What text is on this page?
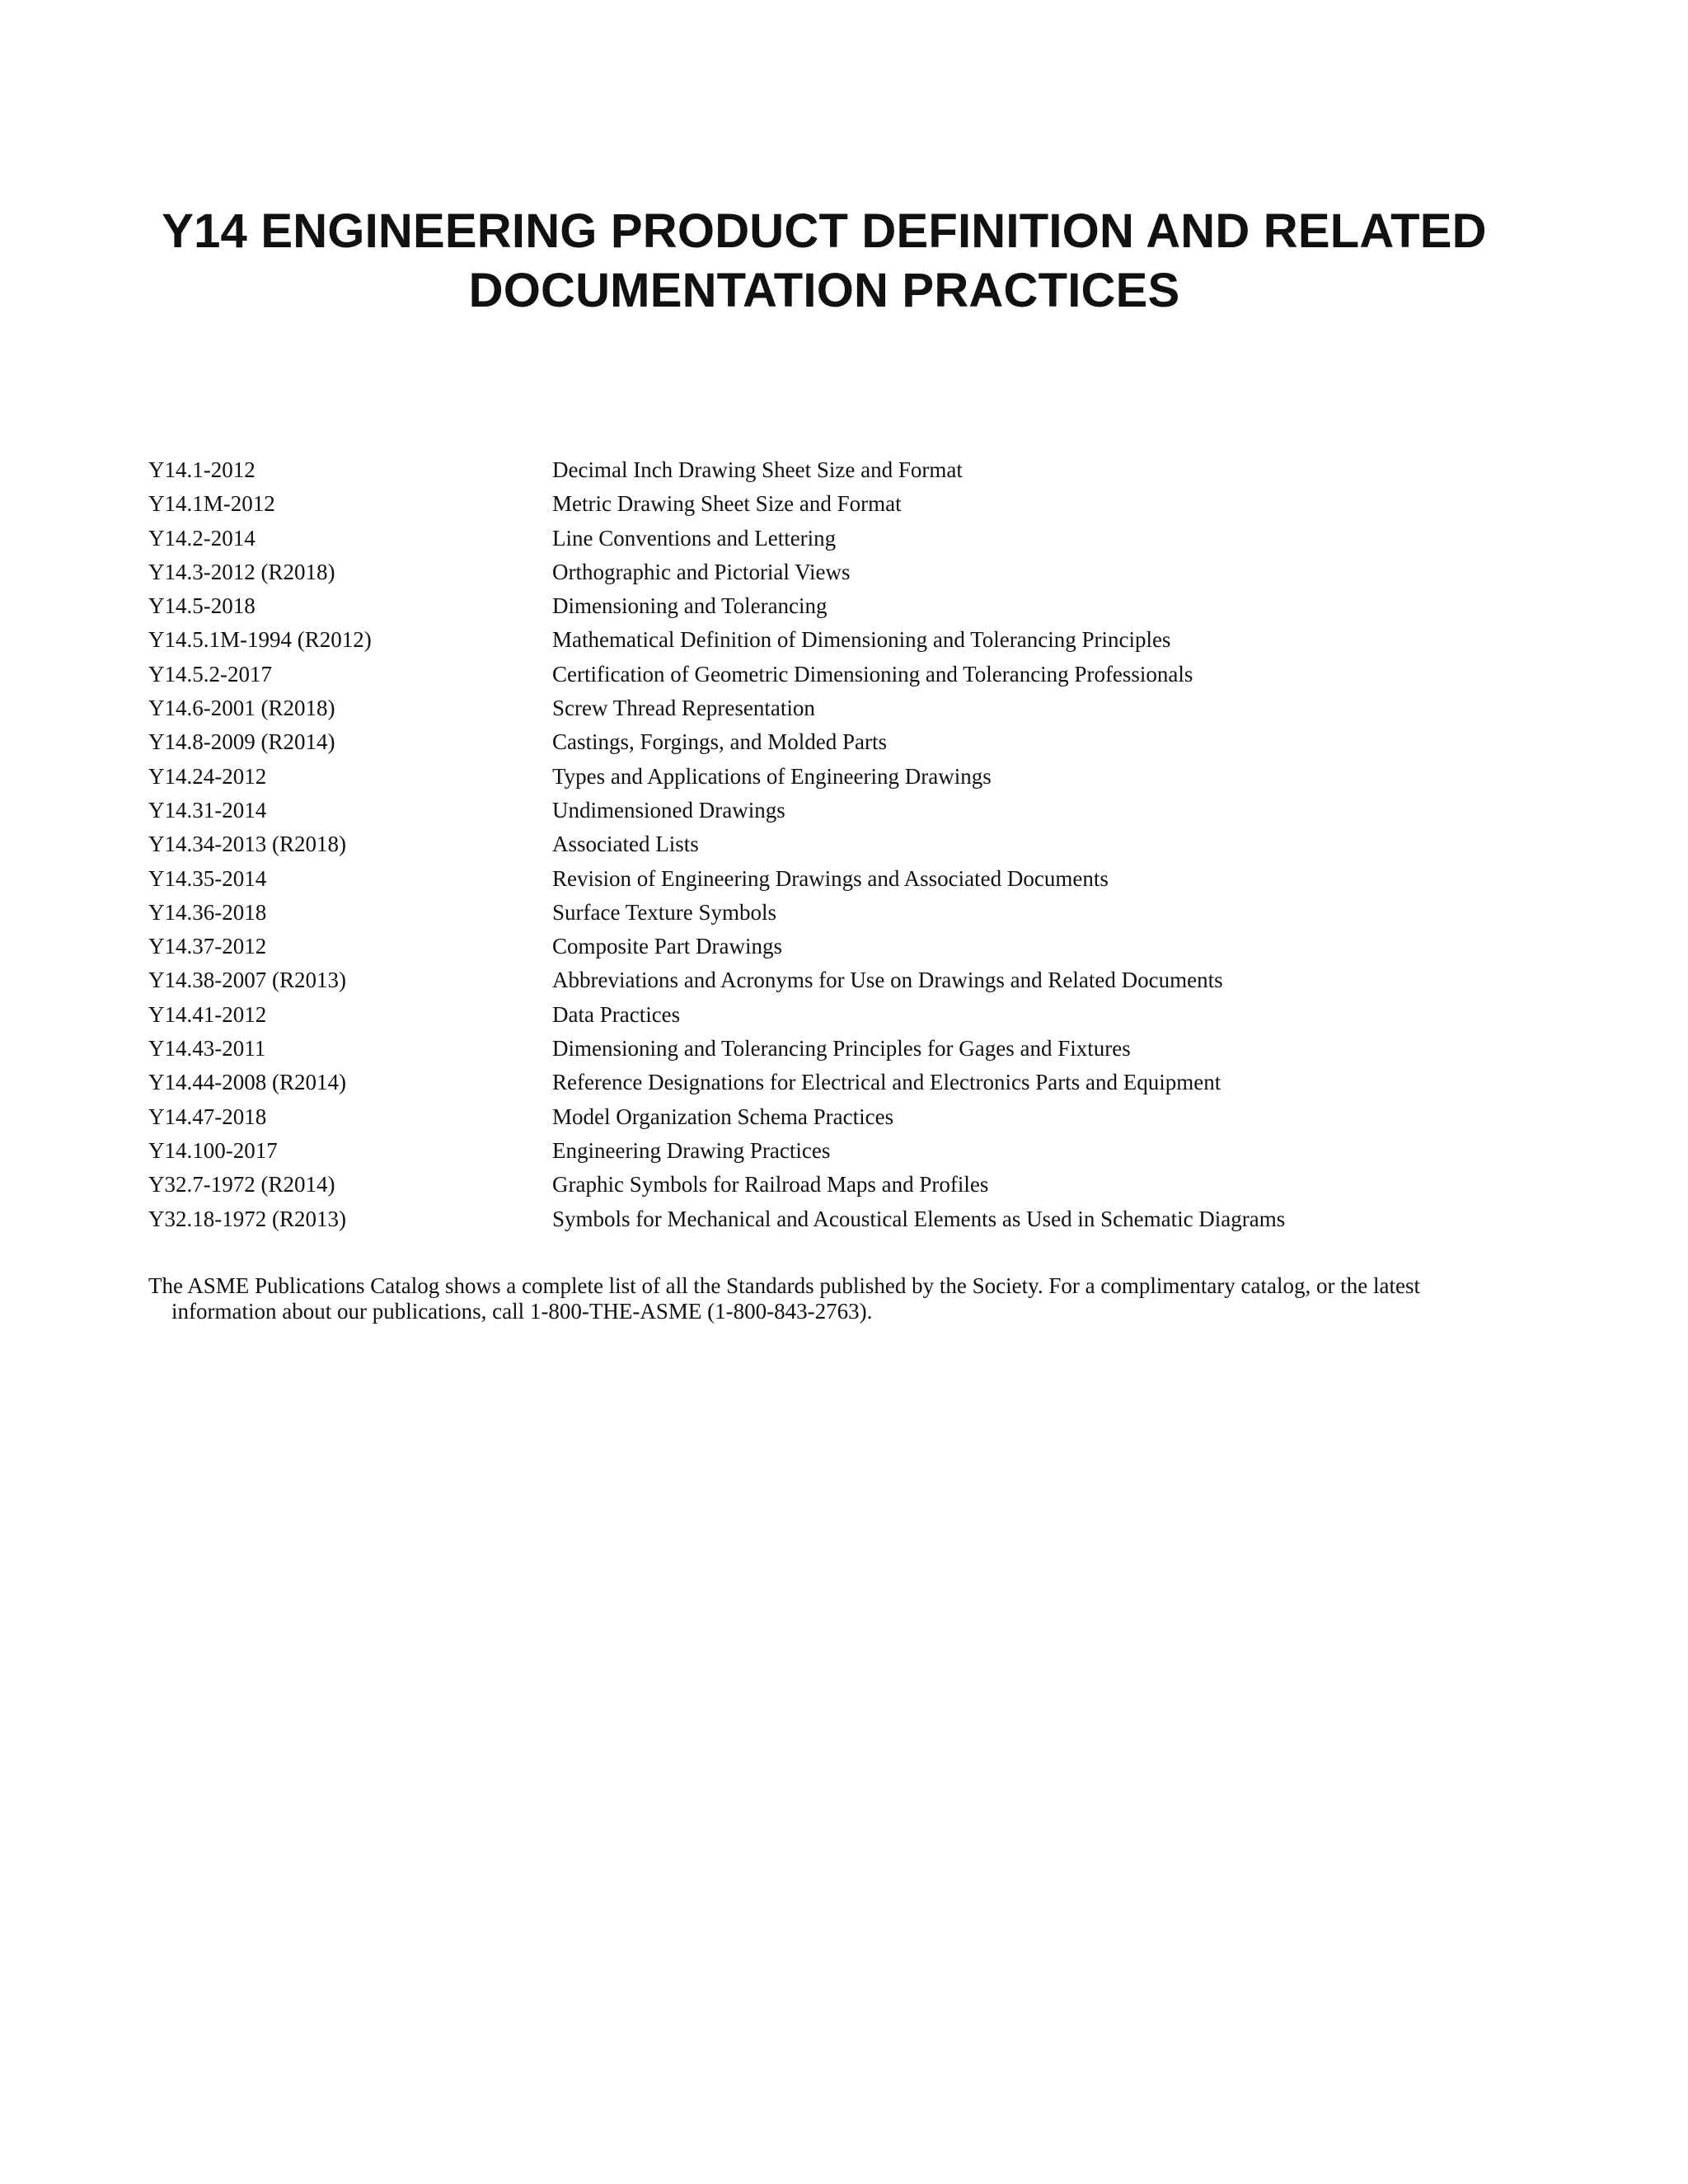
Y14 ENGINEERING PRODUCT DEFINITION AND RELATED
DOCUMENTATION PRACTICES
Y14.1-2012	Decimal Inch Drawing Sheet Size and Format
Y14.1M-2012	Metric Drawing Sheet Size and Format
Y14.2-2014	Line Conventions and Lettering
Y14.3-2012 (R2018)	Orthographic and Pictorial Views
Y14.5-2018	Dimensioning and Tolerancing
Y14.5.1M-1994 (R2012)	Mathematical Definition of Dimensioning and Tolerancing Principles
Y14.5.2-2017	Certification of Geometric Dimensioning and Tolerancing Professionals
Y14.6-2001 (R2018)	Screw Thread Representation
Y14.8-2009 (R2014)	Castings, Forgings, and Molded Parts
Y14.24-2012	Types and Applications of Engineering Drawings
Y14.31-2014	Undimensioned Drawings
Y14.34-2013 (R2018)	Associated Lists
Y14.35-2014	Revision of Engineering Drawings and Associated Documents
Y14.36-2018	Surface Texture Symbols
Y14.37-2012	Composite Part Drawings
Y14.38-2007 (R2013)	Abbreviations and Acronyms for Use on Drawings and Related Documents
Y14.41-2012	Data Practices
Y14.43-2011	Dimensioning and Tolerancing Principles for Gages and Fixtures
Y14.44-2008 (R2014)	Reference Designations for Electrical and Electronics Parts and Equipment
Y14.47-2018	Model Organization Schema Practices
Y14.100-2017	Engineering Drawing Practices
Y32.7-1972 (R2014)	Graphic Symbols for Railroad Maps and Profiles
Y32.18-1972 (R2013)	Symbols for Mechanical and Acoustical Elements as Used in Schematic Diagrams

The ASME Publications Catalog shows a complete list of all the Standards published by the Society. For a complimentary catalog, or the latest information about our publications, call 1-800-THE-ASME (1-800-843-2763).
